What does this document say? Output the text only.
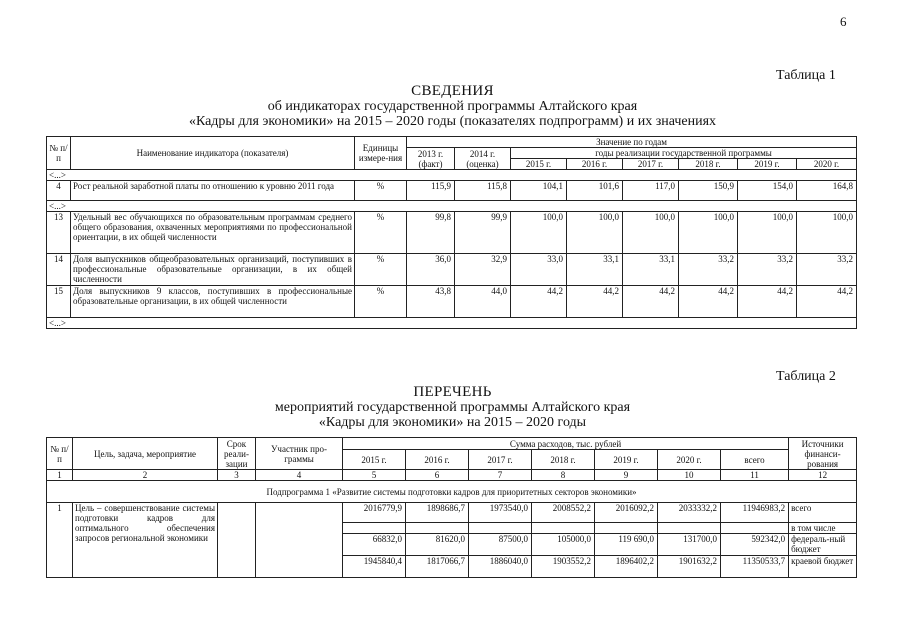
6
Таблица 1
СВЕДЕНИЯ
об индикаторах государственной программы Алтайского края
«Кадры для экономики» на 2015 – 2020 годы (показателях подпрограмм) и их значениях
№ п/п	Наименование индикатора (показателя)	Единицы измере-ния	Значение по годам							
			2013 г. (факт)	2014 г. (оценка)	годы реализации государственной программы					
					2015 г.	2016 г.	2017 г.	2018 г.	2019 г.	2020 г.
<...>										
4	Рост реальной заработной платы по отношению к уровню 2011 года	%	115,9	115,8	104,1	101,6	117,0	150,9	154,0	164,8
<...>										
13	Удельный вес обучающихся по образовательным программам среднего общего образования, охваченных мероприятиями по профессиональной ориентации, в их общей численности	%	99,8	99,9	100,0	100,0	100,0	100,0	100,0	100,0
14	Доля выпускников общеобразовательных организаций, поступивших в профессиональные образовательные организации, в их общей численности	%	36,0	32,9	33,0	33,1	33,1	33,2	33,2	33,2
15	Доля выпускников 9 классов, поступивших в профессиональные образовательные организации, в их общей численности	%	43,8	44,0	44,2	44,2	44,2	44,2	44,2	44,2
<...>										
Таблица 2
ПЕРЕЧЕНЬ
мероприятий государственной программы Алтайского края
«Кадры для экономики» на 2015 – 2020 годы
№ п/п	Цель, задача, мероприятие	Срок реали-зации	Участник про-граммы	Сумма расходов, тыс. рублей							Источники финанси-рования
				2015 г.	2016 г.	2017 г.	2018 г.	2019 г.	2020 г.	всего	
1	2	3	4	5	6	7	8	9	10	11	12
Подпрограмма 1 «Развитие системы подготовки кадров для приоритетных секторов экономики»											
1	Цель – совершенствование системы подготовки кадров для оптимального обеспечения запросов региональной экономики			2016779,9	1898686,7	1973540,0	2008552,2	2016092,2	2033332,2	11946983,2	всего
											в том числе
				66832,0	81620,0	87500,0	105000,0	119 690,0	131700,0	592342,0	федераль-ный бюджет
				1945840,4	1817066,7	1886040,0	1903552,2	1896402,2	1901632,2	11350533,7	краевой бюджет
